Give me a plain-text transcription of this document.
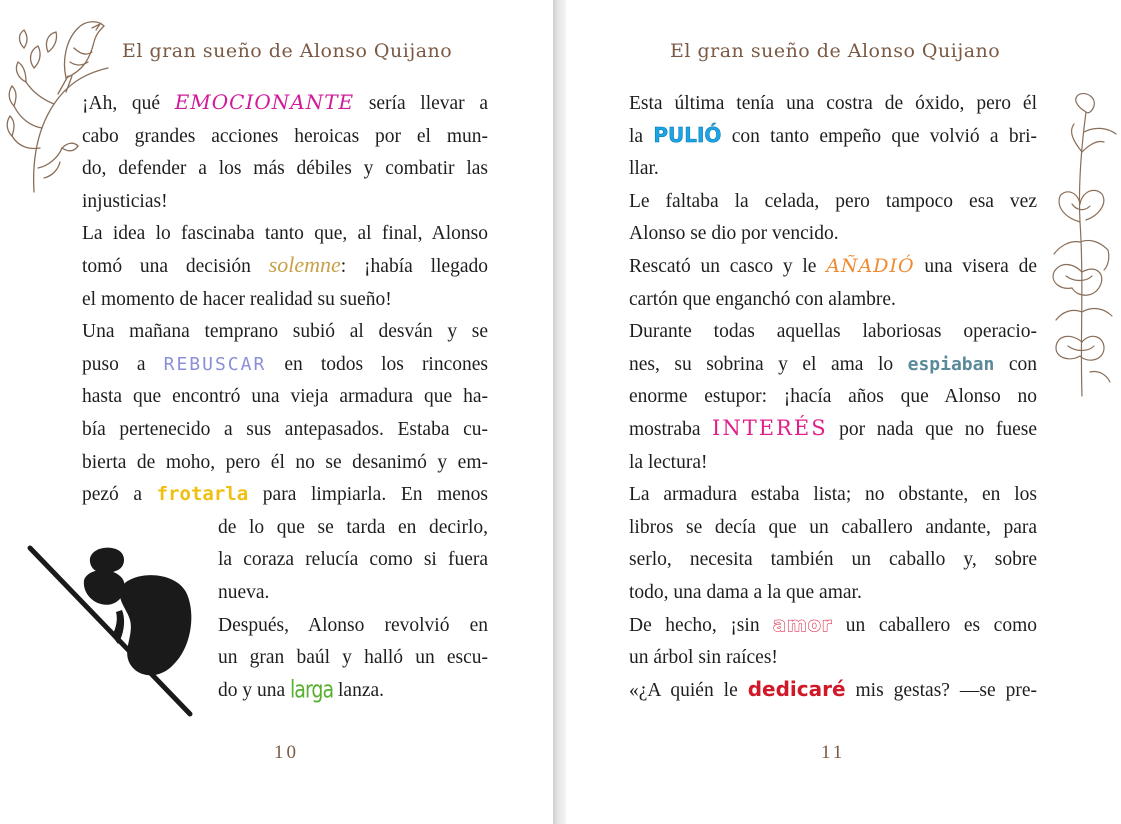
El gran sueño de Alonso Quijano
¡Ah, qué EMOCIONANTE sería llevar a
cabo grandes acciones heroicas por el mun-
do, defender a los más débiles y combatir las
injusticias!
La idea lo fascinaba tanto que, al final, Alonso
tomó una decisión solemne: ¡había llegado
el momento de hacer realidad su sueño!
Una mañana temprano subió al desván y se
puso a REBUSCAR en todos los rincones
hasta que encontró una vieja armadura que ha-
bía pertenecido a sus antepasados. Estaba cu-
bierta de moho, pero él no se desanimó y em-
pezó a frotarla para limpiarla. En menos
de lo que se tarda en decirlo,
la coraza relucía como si fuera
nueva.
Después, Alonso revolvió en
un gran baúl y halló un escu-
do y una larga lanza.
10
El gran sueño de Alonso Quijano
Esta última tenía una costra de óxido, pero él
la PULIÓ con tanto empeño que volvió a bri-
llar.
Le faltaba la celada, pero tampoco esa vez
Alonso se dio por vencido.
Rescató un casco y le AÑADIÓ una visera de
cartón que enganchó con alambre.
Durante todas aquellas laboriosas operacio-
nes, su sobrina y el ama lo espiaban con
enorme estupor: ¡hacía años que Alonso no
mostraba INTERÉS por nada que no fuese
la lectura!
La armadura estaba lista; no obstante, en los
libros se decía que un caballero andante, para
serlo, necesita también un caballo y, sobre
todo, una dama a la que amar.
De hecho, ¡sin amor un caballero es como
un árbol sin raíces!
«¿A quién le dedicaré mis gestas? —se pre-
11
